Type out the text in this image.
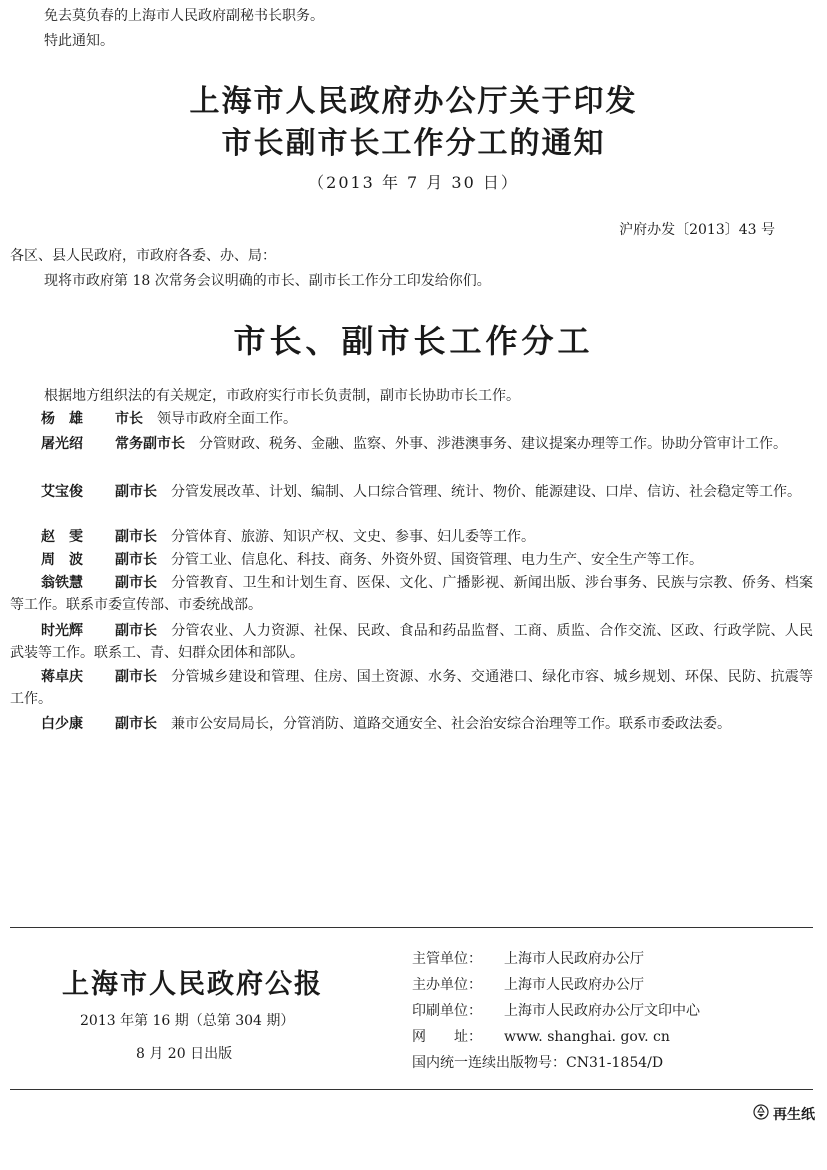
免去莫负春的上海市人民政府副秘书长职务。
特此通知。
上海市人民政府办公厅关于印发
市长副市长工作分工的通知
（2013 年 7 月 30 日）
沪府办发〔2013〕43 号
各区、县人民政府，市政府各委、办、局：
现将市政府第 18 次常务会议明确的市长、副市长工作分工印发给你们。
市长、副市长工作分工
根据地方组织法的有关规定，市政府实行市长负责制，副市长协助市长工作。
杨　雄 市长 领导市政府全面工作。
屠光绍 常务副市长 分管财政、税务、金融、监察、外事、涉港澳事务、建议提案办理等工作。协助分管审计工作。
艾宝俊 副市长 分管发展改革、计划、编制、人口综合管理、统计、物价、能源建设、口岸、信访、社会稳定等工作。
赵　雯 副市长 分管体育、旅游、知识产权、文史、参事、妇儿委等工作。
周　波 副市长 分管工业、信息化、科技、商务、外资外贸、国资管理、电力生产、安全生产等工作。
翁铁慧 副市长 分管教育、卫生和计划生育、医保、文化、广播影视、新闻出版、涉台事务、民族与宗教、侨务、档案等工作。联系市委宣传部、市委统战部。
时光辉 副市长 分管农业、人力资源、社保、民政、食品和药品监督、工商、质监、合作交流、区政、行政学院、人民武装等工作。联系工、青、妇群众团体和部队。
蒋卓庆 副市长 分管城乡建设和管理、住房、国土资源、水务、交通港口、绿化市容、城乡规划、环保、民防、抗震等工作。
白少康 副市长 兼市公安局局长，分管消防、道路交通安全、社会治安综合治理等工作。联系市委政法委。
上海市人民政府公报
2013 年第 16 期（总第 304 期）
8 月 20 日出版
主管单位： 上海市人民政府办公厅
主办单位： 上海市人民政府办公厅
印刷单位： 上海市人民政府办公厅文印中心
网　　址： www. shanghai. gov. cn
国内统一连续出版物号：CN31-1854/D
再生纸
